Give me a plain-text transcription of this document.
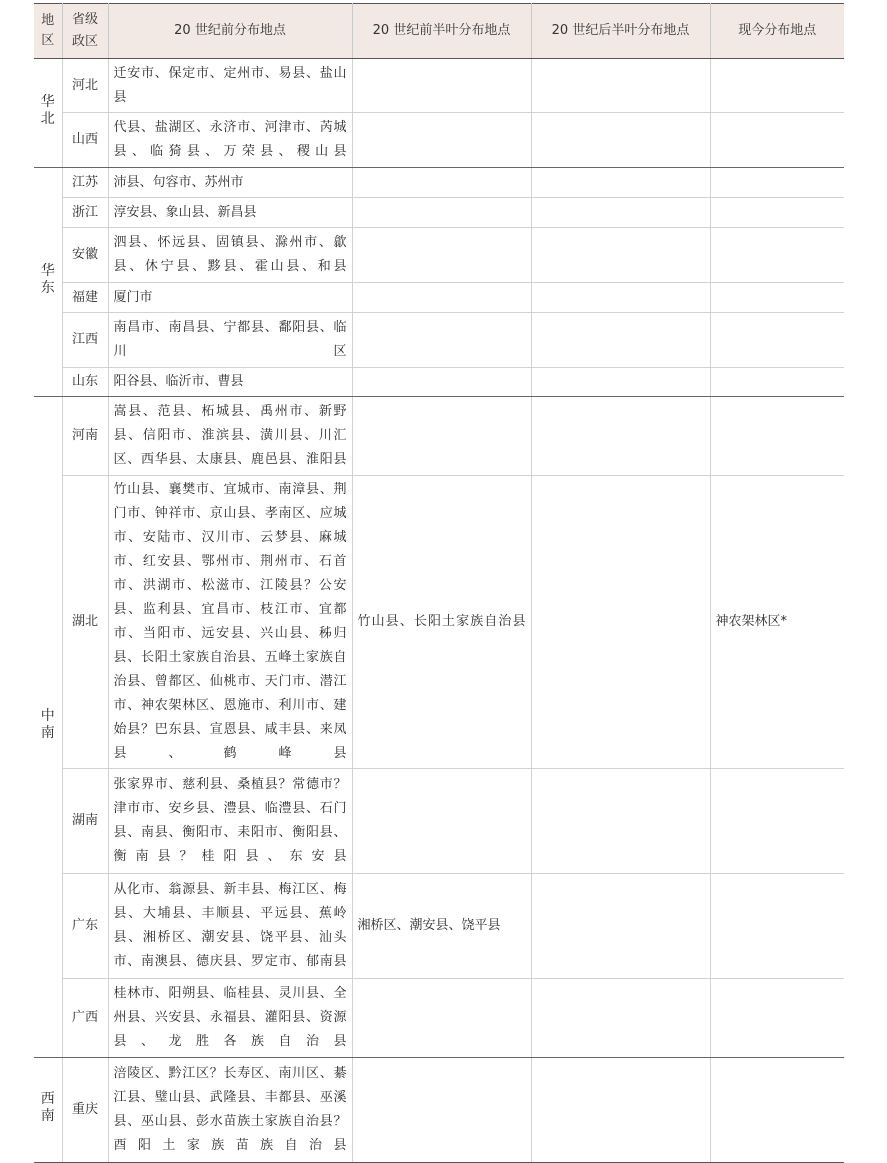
地区	省级政区	20 世纪前分布地点	20 世纪前半叶分布地点	20 世纪后半叶分布地点	现今分布地点
华北	河北	迁安市、保定市、定州市、易县、盐山县			
	山西	代县、盐湖区、永济市、河津市、芮城县、临猗县、万荣县、稷山县			
华东	江苏	沛县、句容市、苏州市			
	浙江	淳安县、象山县、新昌县			
	安徽	泗县、怀远县、固镇县、滁州市、歙县、休宁县、黟县、霍山县、和县			
	福建	厦门市			
	江西	南昌市、南昌县、宁都县、鄱阳县、临川区			
	山东	阳谷县、临沂市、曹县			
中南	河南	嵩县、范县、柘城县、禹州市、新野县、信阳市、淮滨县、潢川县、川汇区、西华县、太康县、鹿邑县、淮阳县			
	湖北	竹山县、襄樊市、宜城市、南漳县、荆门市、钟祥市、京山县、孝南区、应城市、安陆市、汉川市、云梦县、麻城市、红安县、鄂州市、荆州市、石首市、洪湖市、松滋市、江陵县？公安县、监利县、宜昌市、枝江市、宜都市、当阳市、远安县、兴山县、秭归县、长阳土家族自治县、五峰土家族自治县、曾都区、仙桃市、天门市、潜江市、神农架林区、恩施市、利川市、建始县？巴东县、宣恩县、咸丰县、来凤县、鹤峰县	竹山县、长阳土家族自治县		神农架林区*
	湖南	张家界市、慈利县、桑植县？常德市？津市市、安乡县、澧县、临澧县、石门县、南县、衡阳市、耒阳市、衡阳县、衡南县？桂阳县、东安县			
	广东	从化市、翁源县、新丰县、梅江区、梅县、大埔县、丰顺县、平远县、蕉岭县、湘桥区、潮安县、饶平县、汕头市、南澳县、德庆县、罗定市、郁南县	湘桥区、潮安县、饶平县		
	广西	桂林市、阳朔县、临桂县、灵川县、全州县、兴安县、永福县、灌阳县、资源县、龙胜各族自治县			
西南	重庆	涪陵区、黔江区？长寿区、南川区、綦江县、璧山县、武隆县、丰都县、巫溪县、巫山县、彭水苗族土家族自治县？酉阳土家族苗族自治县			
